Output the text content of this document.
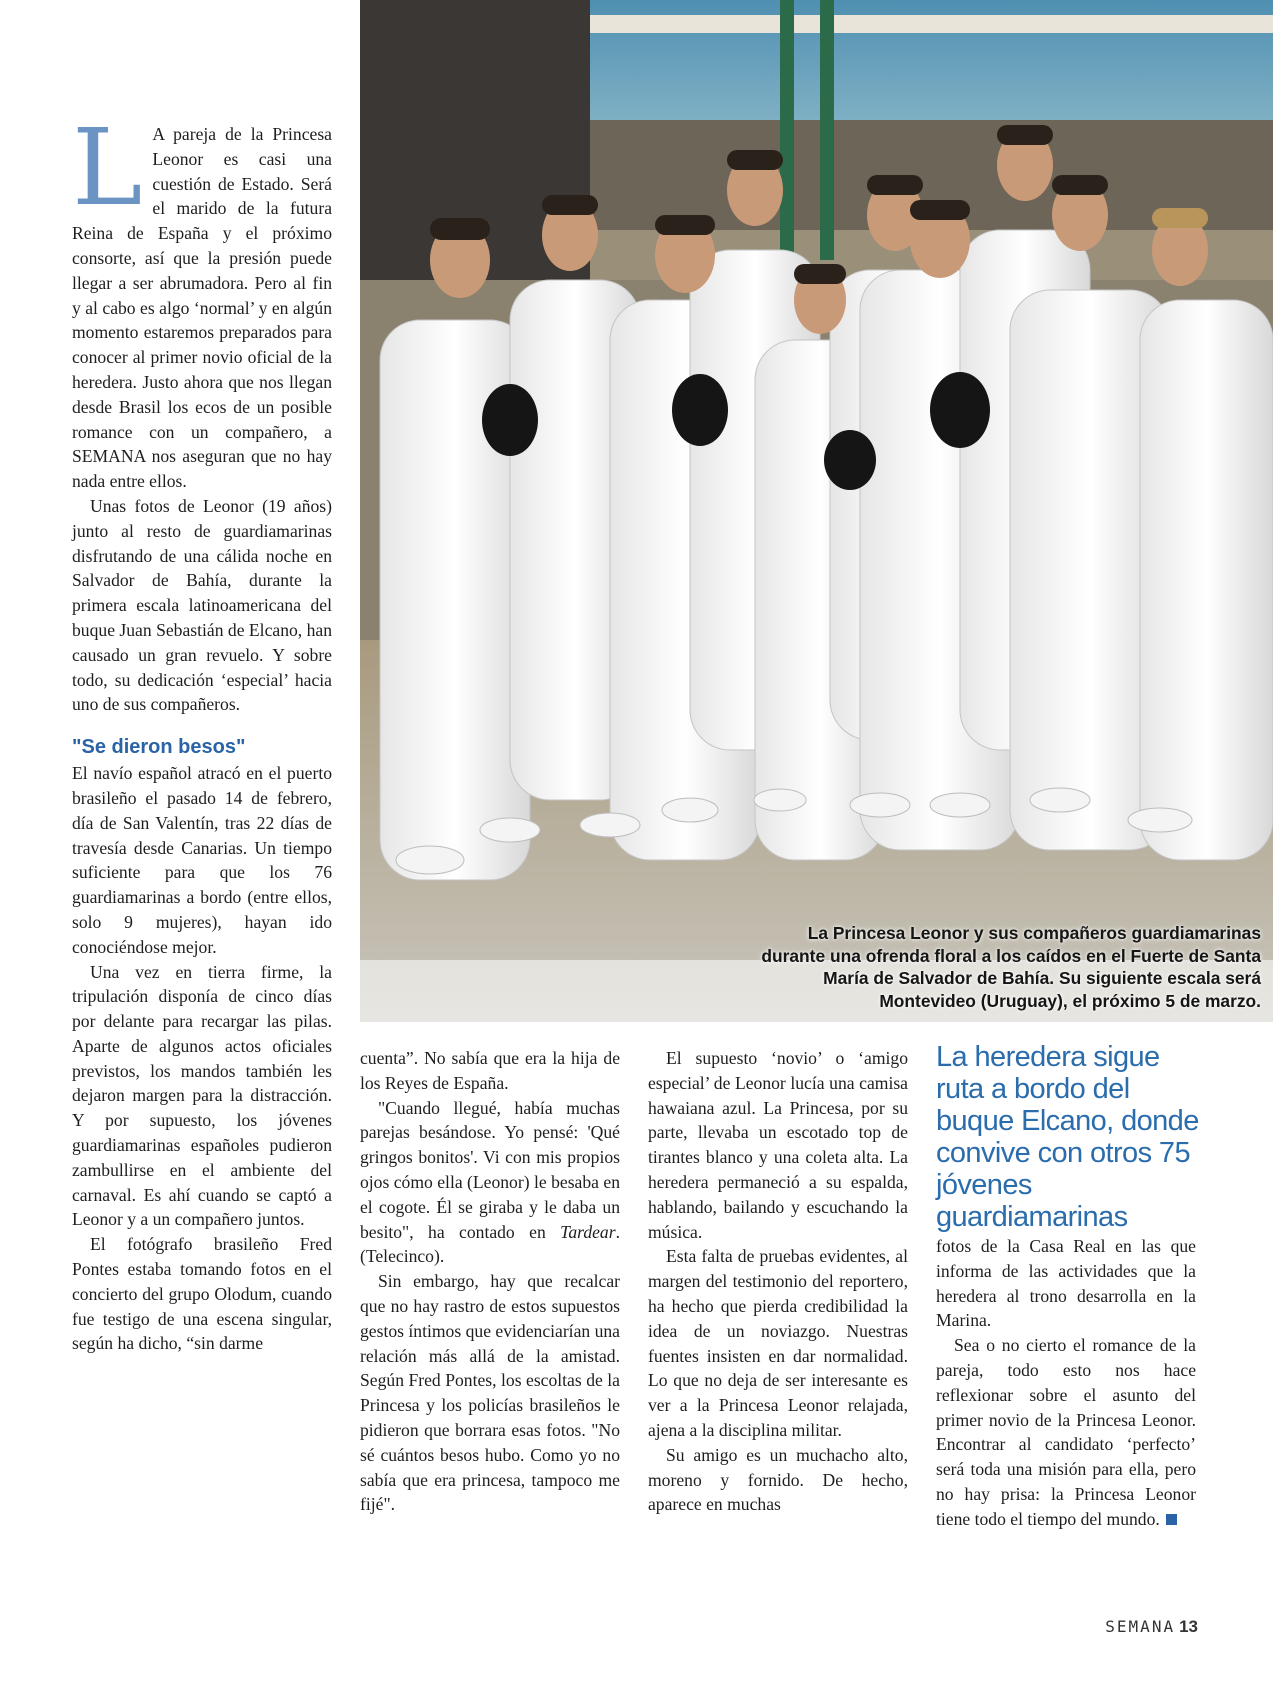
La Princesa Leonor y sus compañeros guardiamarinas durante una ofrenda floral a los caídos en el Fuerte de Santa María de Salvador de Bahía. Su siguiente escala será Montevideo (Uruguay), el próximo 5 de marzo.

L A pareja de la Princesa Leonor es casi una cuestión de Estado. Será el marido de la futura Reina de España y el próximo consorte, así que la presión puede llegar a ser abrumadora. Pero al fin y al cabo es algo ‘normal’ y en algún momento estaremos preparados para conocer al primer novio oficial de la heredera. Justo ahora que nos llegan desde Brasil los ecos de un posible romance con un compañero, a SEMANA nos aseguran que no hay nada entre ellos.

Unas fotos de Leonor (19 años) junto al resto de guardiamarinas disfrutando de una cálida noche en Salvador de Bahía, durante la primera escala latinoamericana del buque Juan Sebastián de Elcano, han causado un gran revuelo. Y sobre todo, su dedicación ‘especial’ hacia uno de sus compañeros.

"Se dieron besos"

El navío español atracó en el puerto brasileño el pasado 14 de febrero, día de San Valentín, tras 22 días de travesía desde Canarias. Un tiempo suficiente para que los 76 guardiamarinas a bordo (entre ellos, solo 9 mujeres), hayan ido conociéndose mejor.

Una vez en tierra firme, la tripulación disponía de cinco días por delante para recargar las pilas. Aparte de algunos actos oficiales previstos, los mandos también les dejaron margen para la distracción. Y por supuesto, los jóvenes guardiamarinas españoles pudieron zambullirse en el ambiente del carnaval. Es ahí cuando se captó a Leonor y a un compañero juntos.

El fotógrafo brasileño Fred Pontes estaba tomando fotos en el concierto del grupo Olodum, cuando fue testigo de una escena singular, según ha dicho, “sin darme

cuenta”. No sabía que era la hija de los Reyes de España.

"Cuando llegué, había muchas parejas besándose. Yo pensé: 'Qué gringos bonitos'. Vi con mis propios ojos cómo ella (Leonor) le besaba en el cogote. Él se giraba y le daba un besito", ha contado en Tardear.(Telecinco).

Sin embargo, hay que recalcar que no hay rastro de estos supuestos gestos íntimos que evidenciarían una relación más allá de la amistad. Según Fred Pontes, los escoltas de la Princesa y los policías brasileños le pidieron que borrara esas fotos. "No sé cuántos besos hubo. Como yo no sabía que era princesa, tampoco me fijé".

El supuesto ‘novio’ o ‘amigo especial’ de Leonor lucía una camisa hawaiana azul. La Princesa, por su parte, llevaba un escotado top de tirantes blanco y una coleta alta. La heredera permaneció a su espalda, hablando, bailando y escuchando la música.

Esta falta de pruebas evidentes, al margen del testimonio del reportero, ha hecho que pierda credibilidad la idea de un noviazgo. Nuestras fuentes insisten en dar normalidad. Lo que no deja de ser interesante es ver a la Princesa Leonor relajada, ajena a la disciplina militar.

Su amigo es un muchacho alto, moreno y fornido. De hecho, aparece en muchas

La heredera sigue ruta a bordo del buque Elcano, donde convive con otros 75 jóvenes guardiamarinas

fotos de la Casa Real en las que informa de las actividades que la heredera al trono desarrolla en la Marina.

Sea o no cierto el romance de la pareja, todo esto nos hace reflexionar sobre el asunto del primer novio de la Princesa Leonor. Encontrar al candidato ‘perfecto’ será toda una misión para ella, pero no hay prisa: la Princesa Leonor tiene todo el tiempo del mundo.

SEMANA 13
